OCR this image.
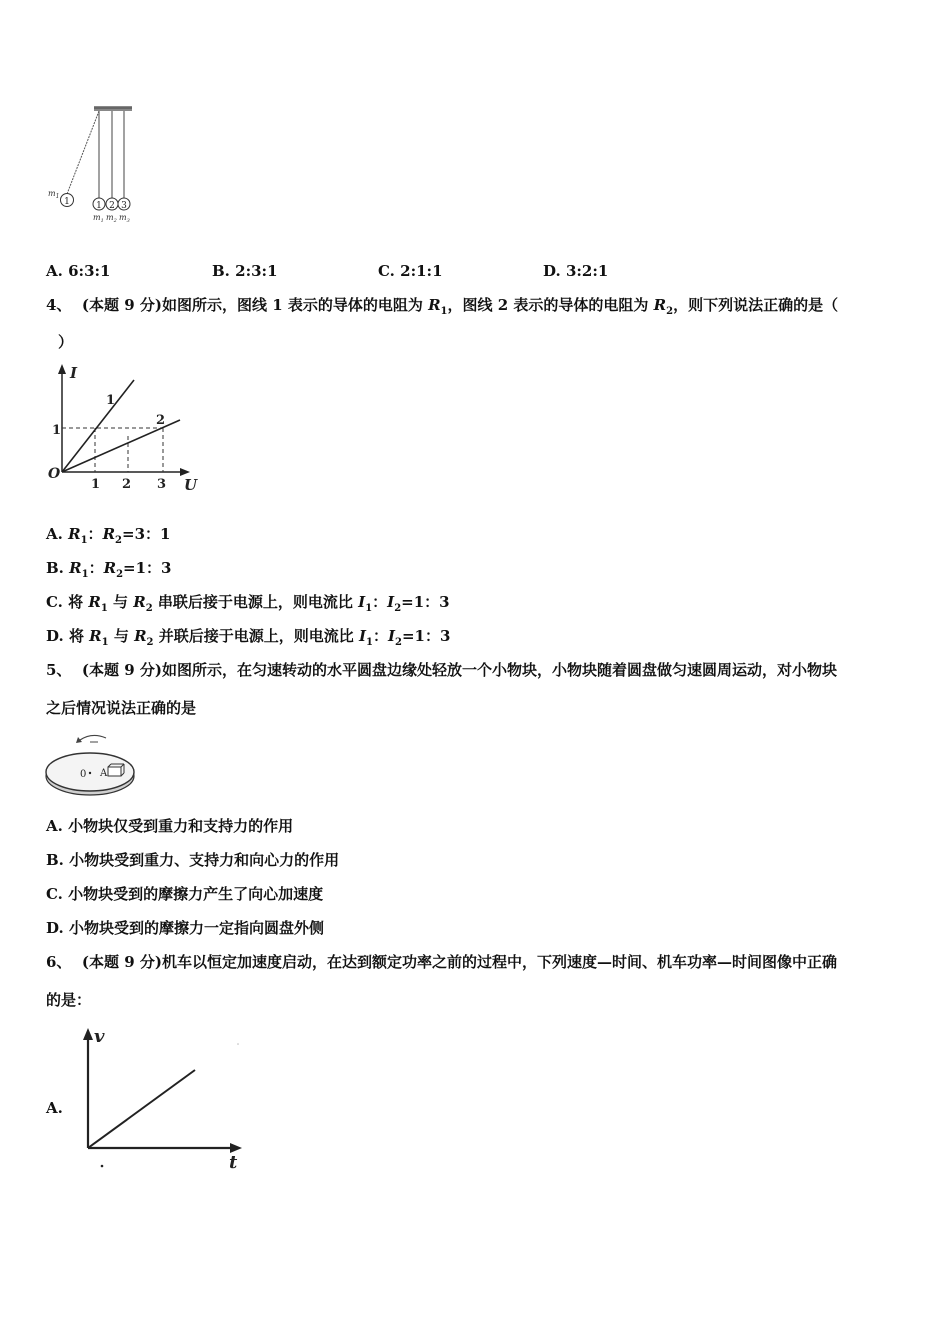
1
$m_1$
1 2 3
$m_1$ $m_2$ $m_3$
A. 6:3:1	B. 2:3:1	C. 2:1:1	D. 3:2:1
4、 (本题 9 分)如图所示，图线 1 表示的导体的电阻为 $R_1$，图线 2 表示的导体的电阻为 $R_2$，则下列说法正确的是（
）
I
U
O
1
1 2 3
1
2
A. $R_1$：$R_2=3$：1
B. $R_1$：$R_2=1$：3
C. 将 $R_1$ 与 $R_2$ 串联后接于电源上，则电流比 $I_1$：$I_2=1$：3
D. 将 $R_1$ 与 $R_2$ 并联后接于电源上，则电流比 $I_1$：$I_2=1$：3
5、 (本题 9 分)如图所示，在匀速转动的水平圆盘边缘处轻放一个小物块，小物块随着圆盘做匀速圆周运动，对小物块
之后情况说法正确的是
0 A
A. 小物块仅受到重力和支持力的作用
B. 小物块受到重力、支持力和向心力的作用
C. 小物块受到的摩擦力产生了向心加速度
D. 小物块受到的摩擦力一定指向圆盘外侧
6、 (本题 9 分)机车以恒定加速度启动，在达到额定功率之前的过程中，下列速度—时间、机车功率—时间图像中正确
的是：
A.
v
t
